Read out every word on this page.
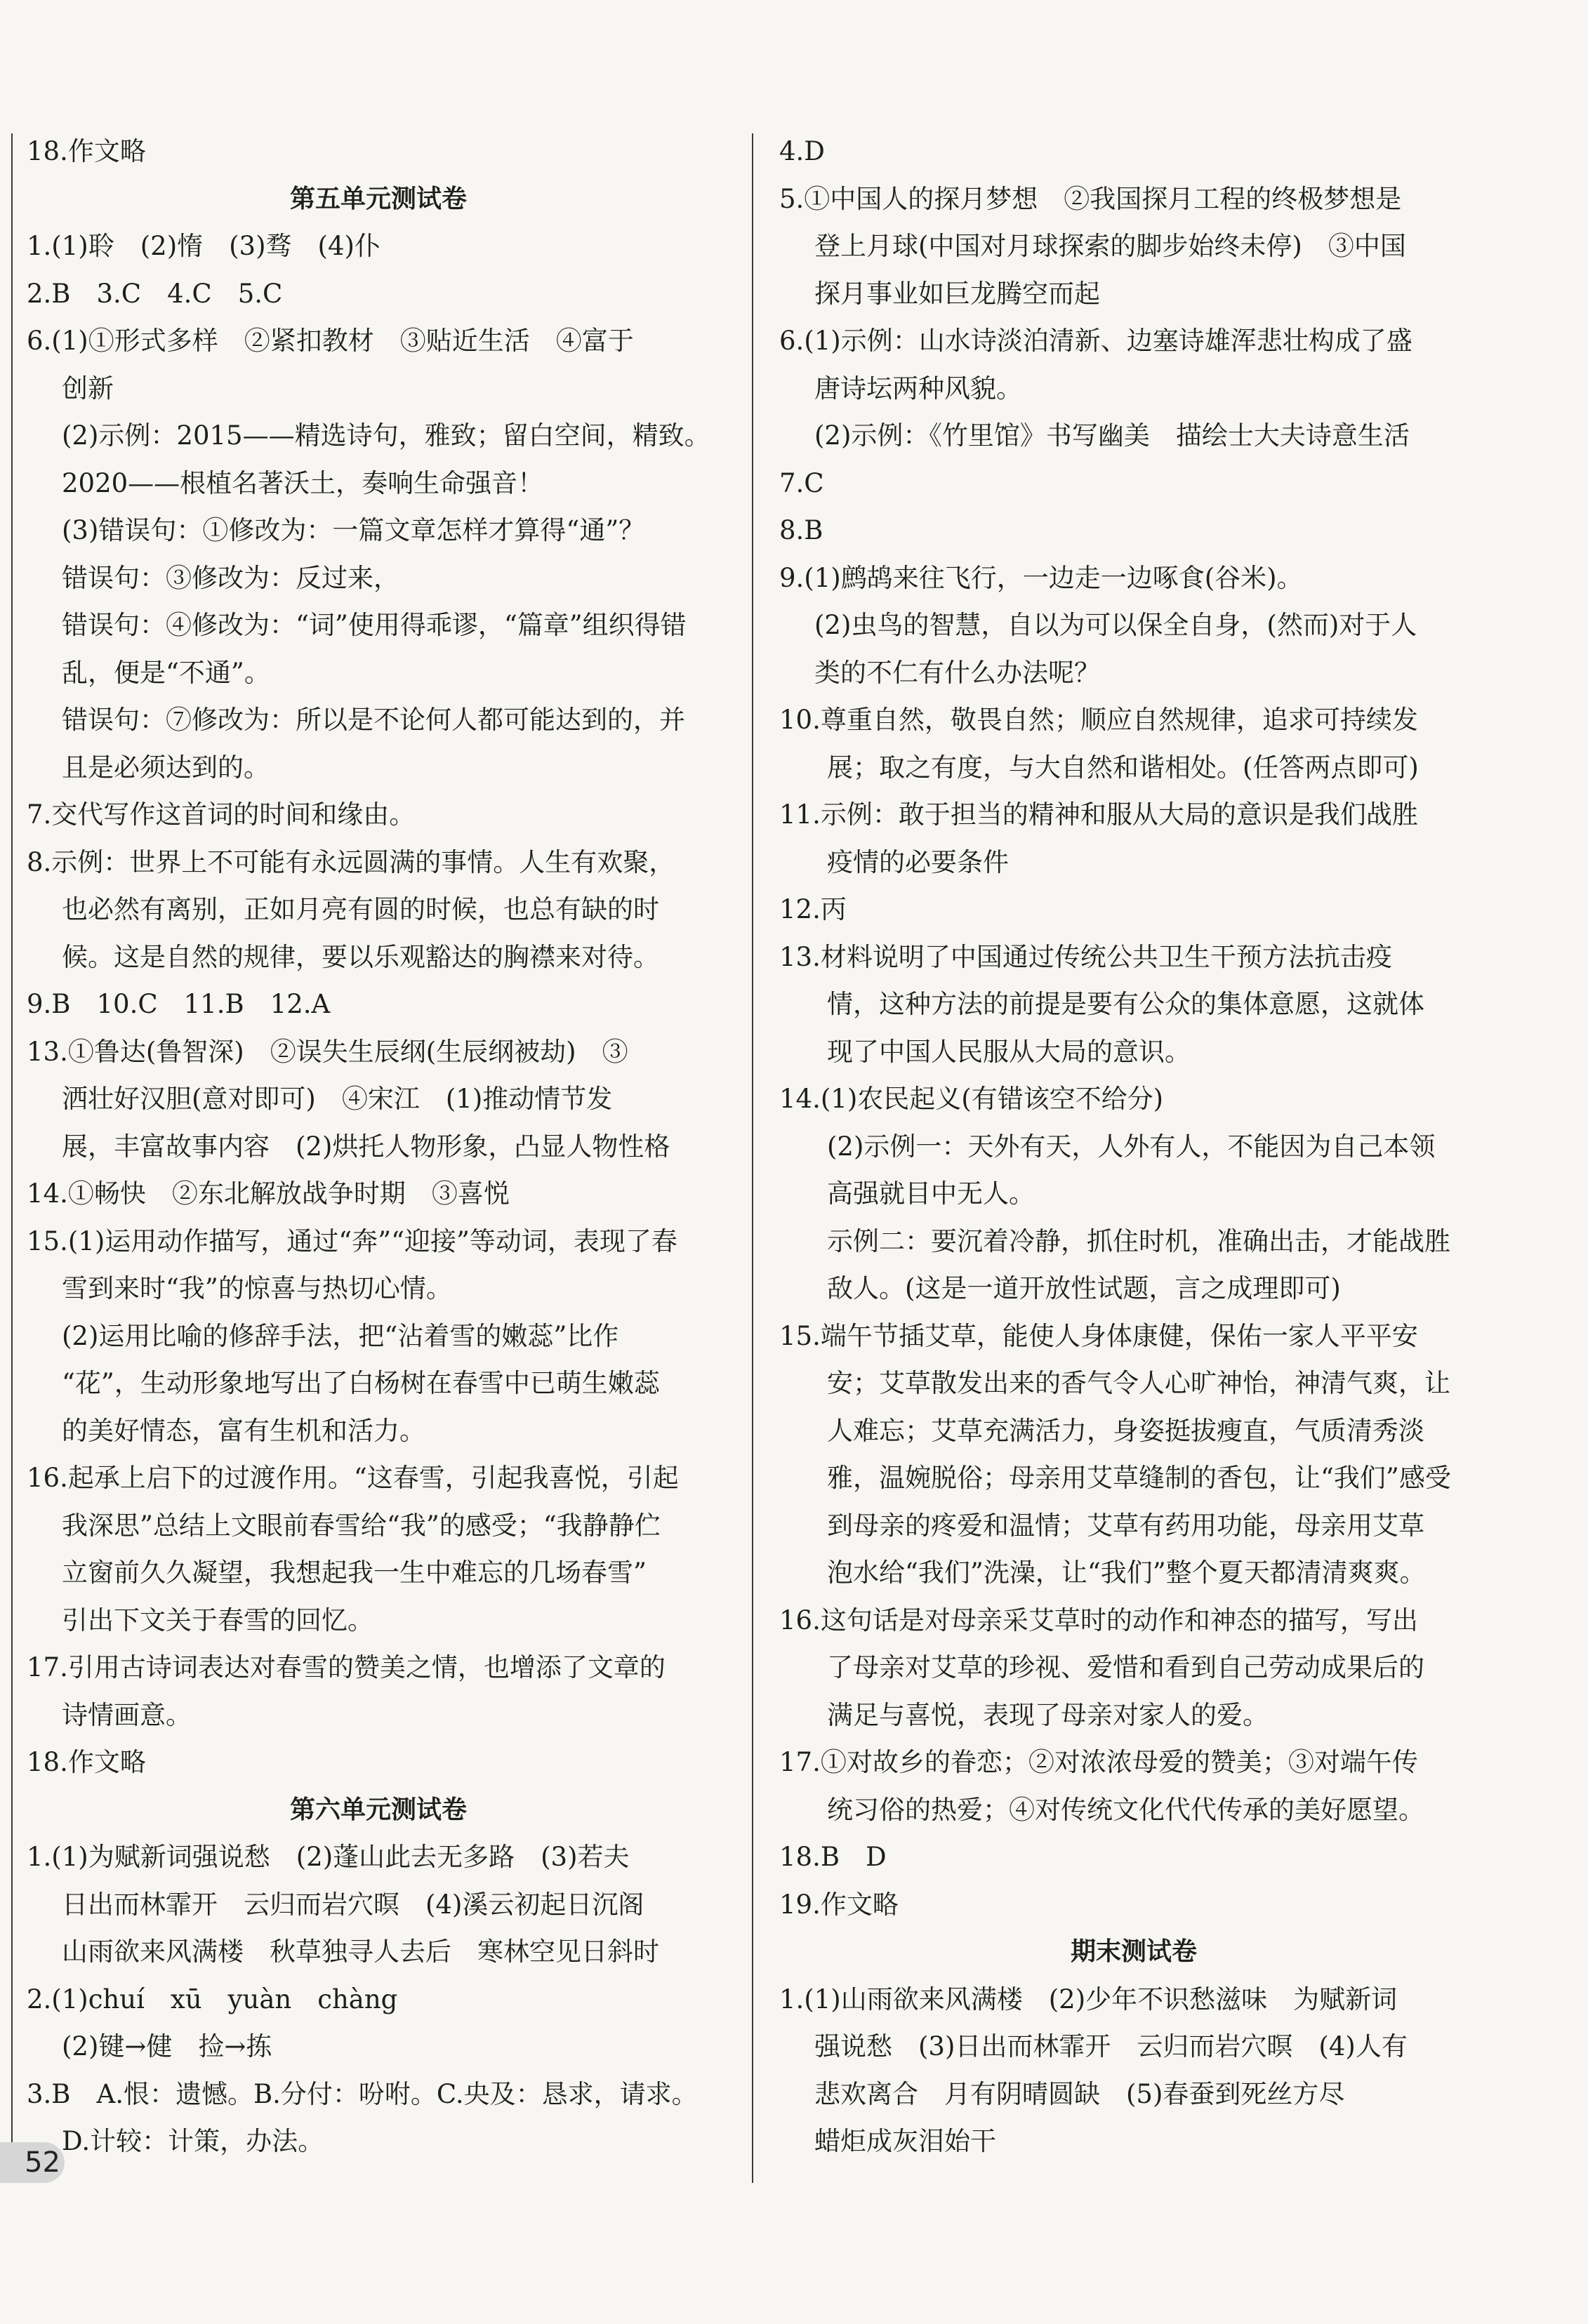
18.作文略
第五单元测试卷
1.(1)聆　(2)惰　(3)骛　(4)仆
2.B　3.C　4.C　5.C
6.(1)①形式多样　②紧扣教材　③贴近生活　④富于
创新
(2)示例：2015——精选诗句，雅致；留白空间，精致。
2020——根植名著沃土，奏响生命强音！
(3)错误句：①修改为：一篇文章怎样才算得“通”？
错误句：③修改为：反过来，
错误句：④修改为：“词”使用得乖谬，“篇章”组织得错
乱，便是“不通”。
错误句：⑦修改为：所以是不论何人都可能达到的，并
且是必须达到的。
7.交代写作这首词的时间和缘由。
8.示例：世界上不可能有永远圆满的事情。人生有欢聚，
也必然有离别，正如月亮有圆的时候，也总有缺的时
候。这是自然的规律，要以乐观豁达的胸襟来对待。
9.B　10.C　11.B　12.A
13.①鲁达(鲁智深)　②误失生辰纲(生辰纲被劫)　③
洒壮好汉胆(意对即可)　④宋江　(1)推动情节发
展，丰富故事内容　(2)烘托人物形象，凸显人物性格
14.①畅快　②东北解放战争时期　③喜悦
15.(1)运用动作描写，通过“奔”“迎接”等动词，表现了春
雪到来时“我”的惊喜与热切心情。
(2)运用比喻的修辞手法，把“沾着雪的嫩蕊”比作
“花”，生动形象地写出了白杨树在春雪中已萌生嫩蕊
的美好情态，富有生机和活力。
16.起承上启下的过渡作用。“这春雪，引起我喜悦，引起
我深思”总结上文眼前春雪给“我”的感受；“我静静伫
立窗前久久凝望，我想起我一生中难忘的几场春雪”
引出下文关于春雪的回忆。
17.引用古诗词表达对春雪的赞美之情，也增添了文章的
诗情画意。
18.作文略
第六单元测试卷
1.(1)为赋新词强说愁　(2)蓬山此去无多路　(3)若夫
日出而林霏开　云归而岩穴暝　(4)溪云初起日沉阁
山雨欲来风满楼　秋草独寻人去后　寒林空见日斜时
2.(1)chuí　xū　yuàn　chàng
(2)键→健　捡→拣
3.B　A.恨：遗憾。B.分付：吩咐。C.央及：恳求，请求。
D.计较：计策，办法。
4.D
5.①中国人的探月梦想　②我国探月工程的终极梦想是
登上月球(中国对月球探索的脚步始终未停)　③中国
探月事业如巨龙腾空而起
6.(1)示例：山水诗淡泊清新、边塞诗雄浑悲壮构成了盛
唐诗坛两种风貌。
(2)示例：《竹里馆》书写幽美　描绘士大夫诗意生活
7.C
8.B
9.(1)鹧鸪来往飞行，一边走一边啄食(谷米)。
(2)虫鸟的智慧，自以为可以保全自身，(然而)对于人
类的不仁有什么办法呢？
10.尊重自然，敬畏自然；顺应自然规律，追求可持续发
展；取之有度，与大自然和谐相处。(任答两点即可)
11.示例：敢于担当的精神和服从大局的意识是我们战胜
疫情的必要条件
12.丙
13.材料说明了中国通过传统公共卫生干预方法抗击疫
情，这种方法的前提是要有公众的集体意愿，这就体
现了中国人民服从大局的意识。
14.(1)农民起义(有错该空不给分)
(2)示例一：天外有天，人外有人，不能因为自己本领
高强就目中无人。
示例二：要沉着冷静，抓住时机，准确出击，才能战胜
敌人。(这是一道开放性试题，言之成理即可)
15.端午节插艾草，能使人身体康健，保佑一家人平平安
安；艾草散发出来的香气令人心旷神怡，神清气爽，让
人难忘；艾草充满活力，身姿挺拔瘦直，气质清秀淡
雅，温婉脱俗；母亲用艾草缝制的香包，让“我们”感受
到母亲的疼爱和温情；艾草有药用功能，母亲用艾草
泡水给“我们”洗澡，让“我们”整个夏天都清清爽爽。
16.这句话是对母亲采艾草时的动作和神态的描写，写出
了母亲对艾草的珍视、爱惜和看到自己劳动成果后的
满足与喜悦，表现了母亲对家人的爱。
17.①对故乡的眷恋；②对浓浓母爱的赞美；③对端午传
统习俗的热爱；④对传统文化代代传承的美好愿望。
18.B　D
19.作文略
期末测试卷
1.(1)山雨欲来风满楼　(2)少年不识愁滋味　为赋新词
强说愁　(3)日出而林霏开　云归而岩穴暝　(4)人有
悲欢离合　月有阴晴圆缺　(5)春蚕到死丝方尽
蜡炬成灰泪始干
52
